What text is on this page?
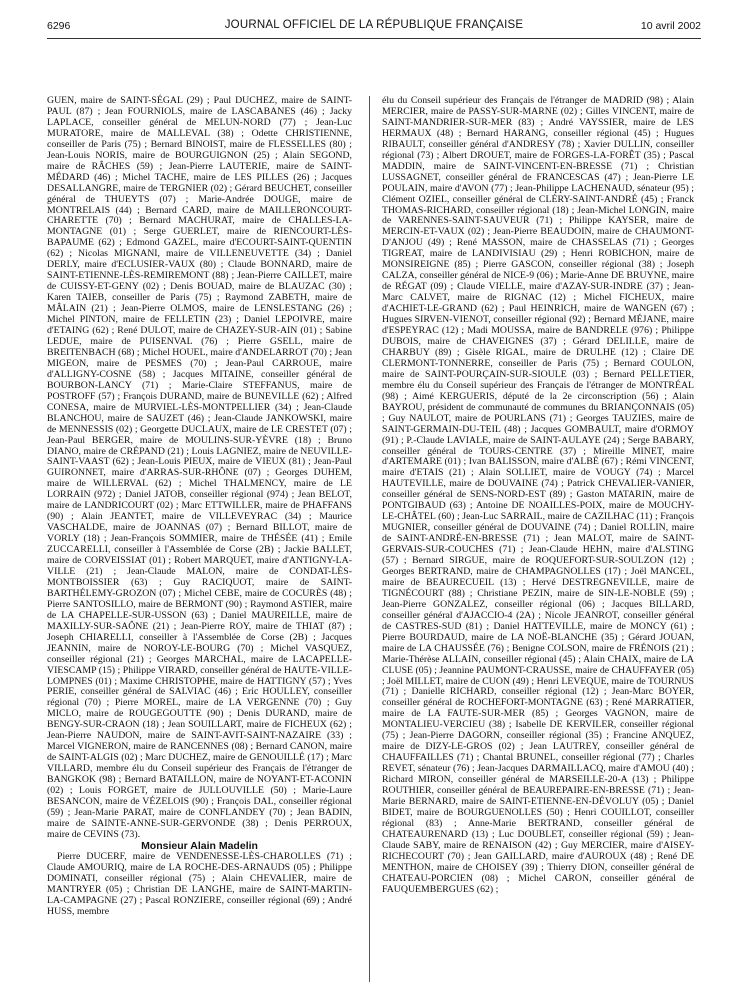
6296	JOURNAL OFFICIEL DE LA RÉPUBLIQUE FRANÇAISE	10 avril 2002

GUEN, maire de SAINT-SÉGAL (29) ; Paul DUCHEZ, maire de SAINT-PAUL (87) ; Jean FOURNIOLS, maire de LASCABANES (46) ; Jacky LAPLACE, conseiller général de MELUN-NORD (77) ; Jean-Luc MURATORE, maire de MALLEVAL (38) ; Odette CHRISTIENNE, conseiller de Paris (75) ; Bernard BINOIST, maire de FLESSELLES (80) ; Jean-Louis NORIS, maire de BOURGUIGNON (25) ; Alain SEGOND, maire de RÂCHES (59) ; Jean-Pierre LAUTERIE, maire de SAINT-MÉDARD (46) ; Michel TACHE, maire de LES PILLES (26) ; Jacques DESALLANGRE, maire de TERGNIER (02) ; Gérard BEUCHET, conseiller général de THUEYTS (07) ; Marie-Andrée DOUGE, maire de MONTRELAIS (44) ; Bernard CARD, maire de MAILLERONCOURT-CHARETTE (70) ; Bernard MACHURAT, maire de CHALLES-LA-MONTAGNE (01) ; Serge GUERLET, maire de RIENCOURT-LÈS-BAPAUME (62) ; Edmond GAZEL, maire d'ECOURT-SAINT-QUENTIN (62) ; Nicolas MIGNANI, maire de VILLENEUVETTE (34) ; Daniel DERLY, maire d'ECLUSIER-VAUX (80) ; Claude BONNARD, maire de SAINT-ETIENNE-LÈS-REMIREMONT (88) ; Jean-Pierre CAILLET, maire de CUISSY-ET-GENY (02) ; Denis BOUAD, maire de BLAUZAC (30) ; Karen TAIEB, conseiller de Paris (75) ; Raymond ZABETH, maire de MÂLAIN (21) ; Jean-Pierre OLMOS, maire de LENSLESTANG (26) ; Michel PINTON, maire de FELLETIN (23) ; Daniel LEPOIVRE, maire d'ETAING (62) ; René DULOT, maire de CHAZEY-SUR-AIN (01) ; Sabine LEDUE, maire de PUISENVAL (76) ; Pierre GSELL, maire de BREITENBACH (68) ; Michel HOUEL, maire d'ANDELARROT (70) ; Jean MIGEON, maire de PESMES (70) ; Jean-Paul CARROUE, maire d'ALLIGNY-COSNE (58) ; Jacques MITAINE, conseiller général de BOURBON-LANCY (71) ; Marie-Claire STEFFANUS, maire de POSTROFF (57) ; François DURAND, maire de BUNEVILLE (62) ; Alfred CONESA, maire de MURVIEL-LÈS-MONTPELLIER (34) ; Jean-Claude BLANCHOU, maire de SAUZET (46) ; Jean-Claude JANKOWSKI, maire de MENNESSIS (02) ; Georgette DUCLAUX, maire de LE CRESTET (07) ; Jean-Paul BERGER, maire de MOULINS-SUR-YÈVRE (18) ; Bruno DIANO, maire de CRÉPAND (21) ; Louis LAGNIEZ, maire de NEUVILLE-SAINT-VAAST (62) ; Jean-Louis PIEUX, maire de VIEUX (81) ; Jean-Paul GUIRONNET, maire d'ARRAS-SUR-RHÔNE (07) ; Georges DUHEM, maire de WILLERVAL (62) ; Michel THALMENCY, maire de LE LORRAIN (972) ; Daniel JATOB, conseiller régional (974) ; Jean BELOT, maire de LANDRICOURT (02) ; Marc ETTWILLER, maire de PHAFFANS (90) ; Alain JEANTET, maire de VILLEVEYRAC (34) ; Maurice VASCHALDE, maire de JOANNAS (07) ; Bernard BILLOT, maire de VORLY (18) ; Jean-François SOMMIER, maire de THÉSÉE (41) ; Emile ZUCCARELLI, conseiller à l'Assemblée de Corse (2B) ; Jackie BALLET, maire de CORVEISSIAT (01) ; Robert MARQUET, maire d'ANTIGNY-LA-VILLE (21) ; Jean-Claude MALON, maire de CONDAT-LÈS-MONTBOISSIER (63) ; Guy RACIQUOT, maire de SAINT-BARTHÉLEMY-GROZON (07) ; Michel CEBE, maire de COCURÈS (48) ; Pierre SANTOSILLO, maire de BERMONT (90) ; Raymond ASTIER, maire de LA CHAPELLE-SUR-USSON (63) ; Daniel MAUREILLE, maire de MAXILLY-SUR-SAÔNE (21) ; Jean-Pierre ROY, maire de THIAT (87) ; Joseph CHIARELLI, conseiller à l'Assemblée de Corse (2B) ; Jacques JEANNIN, maire de NOROY-LE-BOURG (70) ; Michel VASQUEZ, conseiller régional (21) ; Georges MARCHAL, maire de LACAPELLE-VIESCAMP (15) ; Philippe VIRARD, conseiller général de HAUTE-VILLE-LOMPNES (01) ; Maxime CHRISTOPHE, maire de HATTIGNY (57) ; Yves PERIE, conseiller général de SALVIAC (46) ; Eric HOULLEY, conseiller régional (70) ; Pierre MOREL, maire de LA VERGENNE (70) ; Guy MICLO, maire de ROUGEGOUTTE (90) ; Denis DURAND, maire de BENGY-SUR-CRAON (18) ; Jean SOUILLART, maire de FICHEUX (62) ; Jean-Pierre NAUDON, maire de SAINT-AVIT-SAINT-NAZAIRE (33) ; Marcel VIGNERON, maire de RANCENNES (08) ; Bernard CANON, maire de SAINT-ALGIS (02) ; Marc DUCHEZ, maire de GENOUILLÉ (17) ; Marc VILLARD, membre élu du Conseil supérieur des Français de l'étranger de BANGKOK (98) ; Bernard BATAILLON, maire de NOYANT-ET-ACONIN (02) ; Louis FORGET, maire de JULLOUVILLE (50) ; Marie-Laure BESANCON, maire de VÉZELOIS (90) ; François DAL, conseiller régional (59) ; Jean-Marie PARAT, maire de CONFLANDEY (70) ; Jean BADIN, maire de SAINTE-ANNE-SUR-GERVONDE (38) ; Denis PERROUX, maire de CEVINS (73).

Monsieur Alain Madelin

Pierre DUCERF, maire de VENDENESSE-LÈS-CHAROLLES (71) ; Claude AMOURIQ, maire de LA ROCHE-DES-ARNAUDS (05) ; Philippe DOMINATI, conseiller régional (75) ; Alain CHEVALIER, maire de MANTRYER (05) ; Christian DE LANGHE, maire de SAINT-MARTIN-LA-CAMPAGNE (27) ; Pascal RONZIERE, conseiller régional (69) ; André HUSS, membre

élu du Conseil supérieur des Français de l'étranger de MADRID (98) ; Alain MERCIER, maire de PASSY-SUR-MARNE (02) ; Gilles VINCENT, maire de SAINT-MANDRIER-SUR-MER (83) ; André VAYSSIER, maire de LES HERMAUX (48) ; Bernard HARANG, conseiller régional (45) ; Hugues RIBAULT, conseiller général d'ANDRESY (78) ; Xavier DULLIN, conseiller régional (73) ; Albert DROUET, maire de FORGES-LA-FORÊT (35) ; Pascal MADDIN, maire de SAINT-VINCENT-EN-BRESSE (71) ; Christian LUSSAGNET, conseiller général de FRANCESCAS (47) ; Jean-Pierre LE POULAIN, maire d'AVON (77) ; Jean-Philippe LACHENAUD, sénateur (95) ; Clément OZIEL, conseiller général de CLÉRY-SAINT-ANDRÉ (45) ; Franck THOMAS-RICHARD, conseiller régional (18) ; Jean-Michel LONGIN, maire de VARENNES-SAINT-SAUVEUR (71) ; Philippe KAYSER, maire de MERCIN-ET-VAUX (02) ; Jean-Pierre BEAUDOIN, maire de CHAUMONT-D'ANJOU (49) ; René MASSON, maire de CHASSELAS (71) ; Georges TIGREAT, maire de LANDIVISIAU (29) ; Henri ROBICHON, maire de MONSIREIGNE (85) ; Pierre GASCON, conseiller régional (38) ; Joseph CALZA, conseiller général de NICE-9 (06) ; Marie-Anne DE BRUYNE, maire de RÉGAT (09) ; Claude VIELLE, maire d'AZAY-SUR-INDRE (37) ; Jean-Marc CALVET, maire de RIGNAC (12) ; Michel FICHEUX, maire d'ACHIET-LE-GRAND (62) ; Paul HEINRICH, maire de WANGEN (67) ; Hugues SIRVEN-VIENOT, conseiller régional (92) ; Bernard MÉJANE, maire d'ESPEYRAC (12) ; Madi MOUSSA, maire de BANDRELE (976) ; Philippe DUBOIS, maire de CHAVEIGNES (37) ; Gérard DELILLE, maire de CHARBUY (89) ; Gisèle RIGAL, maire de DRULHE (12) ; Claire DE CLERMONT-TONNERRE, conseiller de Paris (75) ; Bernard COULON, maire de SAINT-POURÇAIN-SUR-SIOULE (03) ; Bernard PELLETIER, membre élu du Conseil supérieur des Français de l'étranger de MONTRÉAL (98) ; Aimé KERGUERIS, député de la 2e circonscription (56) ; Alain BAYROU, président de communauté de communes du BRIANÇONNAIS (05) ; Guy NAULOT, maire de POURLANS (71) ; Georges TAUZIES, maire de SAINT-GERMAIN-DU-TEIL (48) ; Jacques GOMBAULT, maire d'ORMOY (91) ; P.-Claude LAVIALE, maire de SAINT-AULAYE (24) ; Serge BABARY, conseiller général de TOURS-CENTRE (37) ; Mireille MINET, maire d'ARTEMARE (01) ; Ivan BALISSON, maire d'ALBÉ (67) ; Rémi VINCENT, maire d'ETAIS (21) ; Alain SOLLIET, maire de VOUGY (74) ; Marcel HAUTEVILLE, maire de DOUVAINE (74) ; Patrick CHEVALIER-VANIER, conseiller général de SENS-NORD-EST (89) ; Gaston MATARIN, maire de PONTGIBAUD (63) ; Antoine DE NOAILLES-POIX, maire de MOUCHY-LE-CHÂTEL (60) ; Jean-Luc SARRAIL, maire de CAZILHAC (11) ; François MUGNIER, conseiller général de DOUVAINE (74) ; Daniel ROLLIN, maire de SAINT-ANDRÉ-EN-BRESSE (71) ; Jean MALOT, maire de SAINT-GERVAIS-SUR-COUCHES (71) ; Jean-Claude HEHN, maire d'ALSTING (57) ; Bernard SIRGUE, maire de ROQUEFORT-SUR-SOULZON (12) ; Georges BERTRAND, maire de CHAMPAGNOLLES (17) ; Joël MANCEL, maire de BEAURECUEIL (13) ; Hervé DESTREGNEVILLE, maire de TIGNÉCOURT (88) ; Christiane PEZIN, maire de SIN-LE-NOBLE (59) ; Jean-Pierre GONZALEZ, conseiller régional (06) ; Jacques BILLARD, conseiller général d'AJACCIO-4 (2A) ; Nicole JEANROT, conseiller général de CASTRES-SUD (81) ; Daniel HATTEVILLE, maire de MONCY (61) ; Pierre BOURDAUD, maire de LA NOË-BLANCHE (35) ; Gérard JOUAN, maire de LA CHAUSSÉE (76) ; Benigne COLSON, maire de FRÉNOIS (21) ; Marie-Thérèse ALLAIN, conseiller régional (45) ; Alain CHAIX, maire de LA CLUSE (05) ; Jeannine PAUMONT-CRAUSSE, maire de CHAUFFAYER (05) ; Joël MILLET, maire de CUON (49) ; Henri LEVEQUE, maire de TOURNUS (71) ; Danielle RICHARD, conseiller régional (12) ; Jean-Marc BOYER, conseiller général de ROCHEFORT-MONTAGNE (63) ; René MARRATIER, maire de LA FAUTE-SUR-MER (85) ; Georges VAGNON, maire de MONTALIEU-VERCIEU (38) ; Isabelle DE KERVILER, conseiller régional (75) ; Jean-Pierre DAGORN, conseiller régional (35) ; Francine ANQUEZ, maire de DIZY-LE-GROS (02) ; Jean LAUTREY, conseiller général de CHAUFFAILLES (71) ; Chantal BRUNEL, conseiller régional (77) ; Charles REVET, sénateur (76) ; Jean-Jacques DARMAILLACQ, maire d'AMOU (40) ; Richard MIRON, conseiller général de MARSEILLE-20-A (13) ; Philippe ROUTHIER, conseiller général de BEAUREPAIRE-EN-BRESSE (71) ; Jean-Marie BERNARD, maire de SAINT-ETIENNE-EN-DÉVOLUY (05) ; Daniel BIDET, maire de BOURGUENOLLES (50) ; Henri COUILLOT, conseiller régional (83) ; Anne-Marie BERTRAND, conseiller général de CHATEAURENARD (13) ; Luc DOUBLET, conseiller régional (59) ; Jean-Claude SABY, maire de RENAISON (42) ; Guy MERCIER, maire d'AISEY-RICHECOURT (70) ; Jean GAILLARD, maire d'AUROUX (48) ; René DE MENTHON, maire de CHOISEY (39) ; Thierry DION, conseiller général de CHATEAU-PORCIEN (08) ; Michel CARON, conseiller général de FAUQUEMBERGUES (62) ;
